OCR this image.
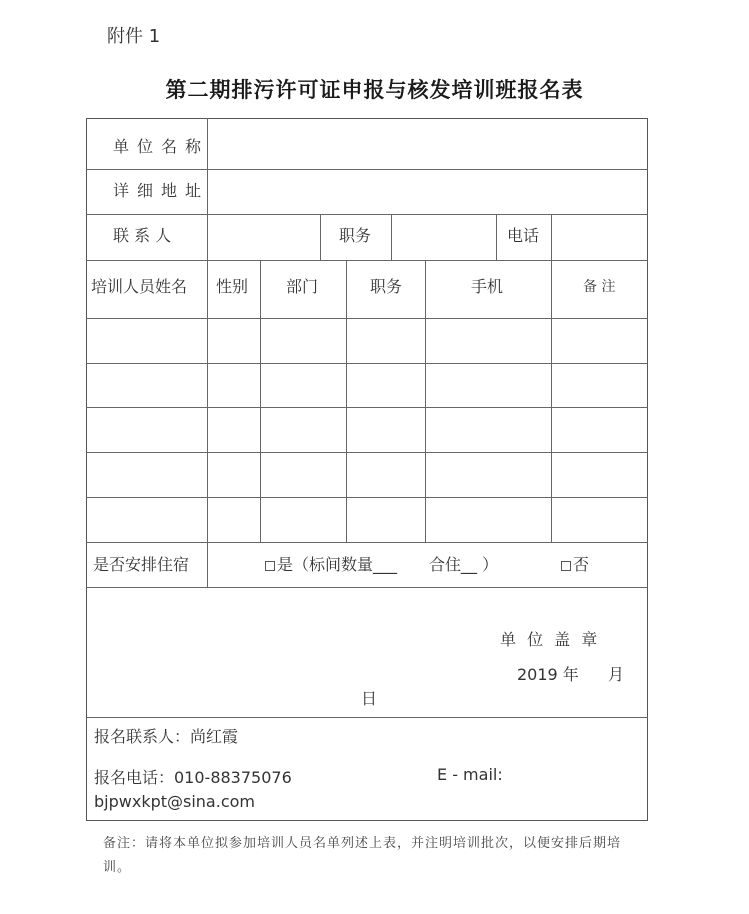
附件 1
第二期排污许可证申报与核发培训班报名表
单位名称
详细地址
联 系 人	职务	电话
培训人员姓名 性别 部门	职务	手机	备 注
是否安排住宿	是（标间数量___　　合住__ ）	否
单 位 盖 章
2019 年 月
日
报名联系人：尚红霞
报名电话：010-88375076	E - mail:
bjpwxkpt@sina.com
备注：请将本单位拟参加培训人员名单列述上表，并注明培训批次，以便安排后期培训。
